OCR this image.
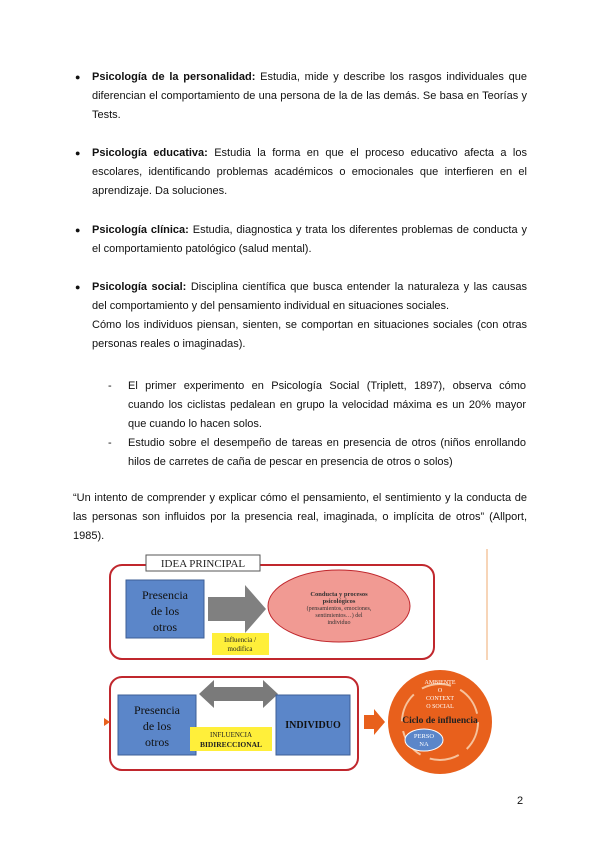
● Psicología de la personalidad: Estudia, mide y describe los rasgos individuales que diferencian el comportamiento de una persona de la de las demás. Se basa en Teorías y Tests.
● Psicología educativa: Estudia la forma en que el proceso educativo afecta a los escolares, identificando problemas académicos o emocionales que interfieren en el aprendizaje. Da soluciones.
● Psicología clínica: Estudia, diagnostica y trata los diferentes problemas de conducta y el comportamiento patológico (salud mental).
● Psicología social: Disciplina científica que busca entender la naturaleza y las causas del comportamiento y del pensamiento individual en situaciones sociales.
Cómo los individuos piensan, sienten, se comportan en situaciones sociales (con otras personas reales o imaginadas).
- El primer experimento en Psicología Social (Triplett, 1897), observa cómo cuando los ciclistas pedalean en grupo la velocidad máxima es un 20% mayor que cuando lo hacen solos.
- Estudio sobre el desempeño de tareas en presencia de otros (niños enrollando hilos de carretes de caña de pescar en presencia de otros o solos)

“Un intento de comprender y explicar cómo el pensamiento, el sentimiento y la conducta de las personas son influidos por la presencia real, imaginada, o implícita de otros” (Allport, 1985).

IDEA PRINCIPAL
Presencia
de los
otros
Influencia /
modifica
Conducta y procesos
psicológicos
(pensamientos, emociones,
sentimientos…) del
individuo
Presencia
de los
otros	INFLUENCIA
BIDIRECCIONAL
INDIVIDUO
AMBIENTE
O
CONTEXT
O SOCIAL
Ciclo de influencia
PERSO
NA
2
